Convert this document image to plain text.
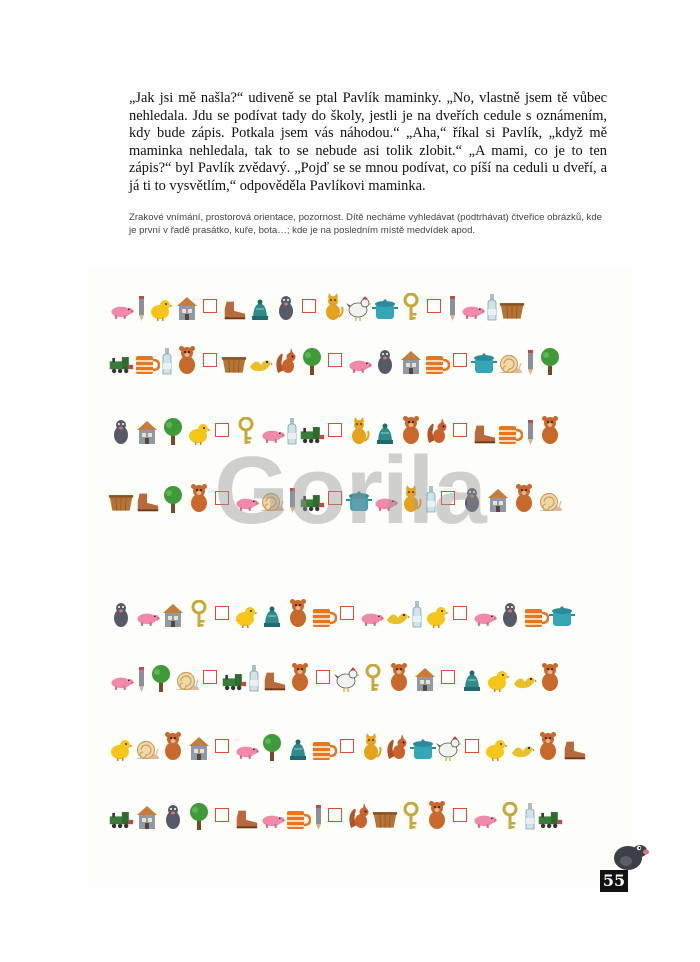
„Jak jsi mě našla?“ udiveně se ptal Pavlík maminky. „No, vlastně jsem tě vůbec nehledala. Jdu se podívat tady do školy, jestli je na dveřích cedule s oznámením, kdy bude zápis. Potkala jsem vás náhodou.“ „Aha,“ říkal si Pavlík, „když mě maminka nehledala, tak to se nebude asi tolik zlobit.“ „A mami, co je to ten zápis?“ byl Pavlík zvědavý. „Pojď se se mnou podívat, co píší na ceduli u dveří, a já ti to vysvětlím,“ odpověděla Pavlíkovi maminka.

Zrakové vnímání, prostorová orientace, pozornost. Dítě necháme vyhledávat (podtrhávat) čtveřice obrázků, kde je první v řadě prasátko, kuře, bota…; kde je na posledním místě medvídek apod.

Gorila
55
